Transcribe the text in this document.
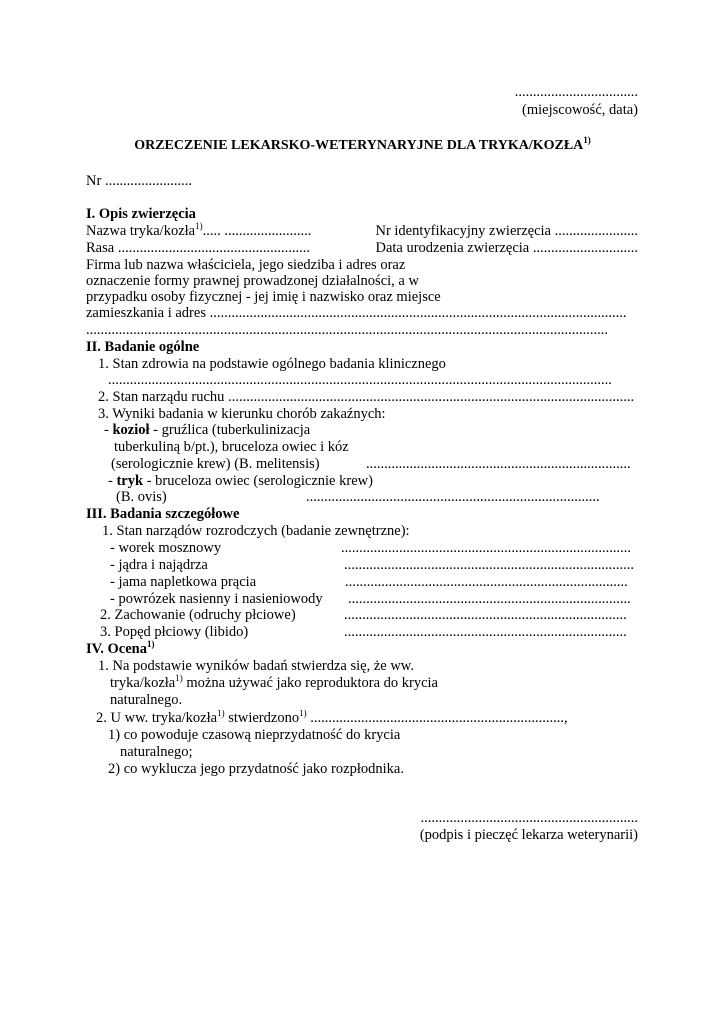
..................................
(miejscowość, data)
ORZECZENIE LEKARSKO-WETERYNARYJNE DLA TRYKA/KOZŁA$^{1)}$
Nr ........................
I. Opis zwierzęcia
Nazwa tryka/kozła$^{1)}$..... ........................	Nr identyfikacyjny zwierzęcia .......................
Rasa .....................................................	Data urodzenia zwierzęcia .............................
Firma lub nazwa właściciela, jego siedziba i adres oraz
oznaczenie formy prawnej prowadzonej działalności, a w
przypadku osoby fizycznej - jej imię i nazwisko oraz miejsce
zamieszkania i adres ...................................................................................................................
................................................................................................................................................
II. Badanie ogólne
1. Stan zdrowia na podstawie ogólnego badania klinicznego
...........................................................................................................................................
2. Stan narządu ruchu ................................................................................................................
3. Wyniki badania w kierunku chorób zakaźnych:
- kozioł - gruźlica (tuberkulinizacja
tuberkuliną b/pt.), bruceloza owiec i kóz
(serologicznie krew) (B. melitensis)	.........................................................................
- tryk - bruceloza owiec (serologicznie krew)
(B. ovis)	.................................................................................
III. Badania szczegółowe
1. Stan narządów rozrodczych (badanie zewnętrzne):
- worek mosznowy	................................................................................
- jądra i najądrza	................................................................................
- jama napletkowa prącia	..............................................................................
- powrózek nasienny i nasieniowody ..............................................................................
2. Zachowanie (odruchy płciowe)	..............................................................................
3. Popęd płciowy (libido)	..............................................................................
IV. Ocena$^{1)}$
1. Na podstawie wyników badań stwierdza się, że ww.
tryka/kozła$^{1)}$ można używać jako reproduktora do krycia
naturalnego.
2. U ww. tryka/kozła$^{1)}$ stwierdzono$^{1)}$ ......................................................................,
1) co powoduje czasową nieprzydatność do krycia
naturalnego;
2) co wyklucza jego przydatność jako rozpłodnika.
............................................................
(podpis i pieczęć lekarza weterynarii)
